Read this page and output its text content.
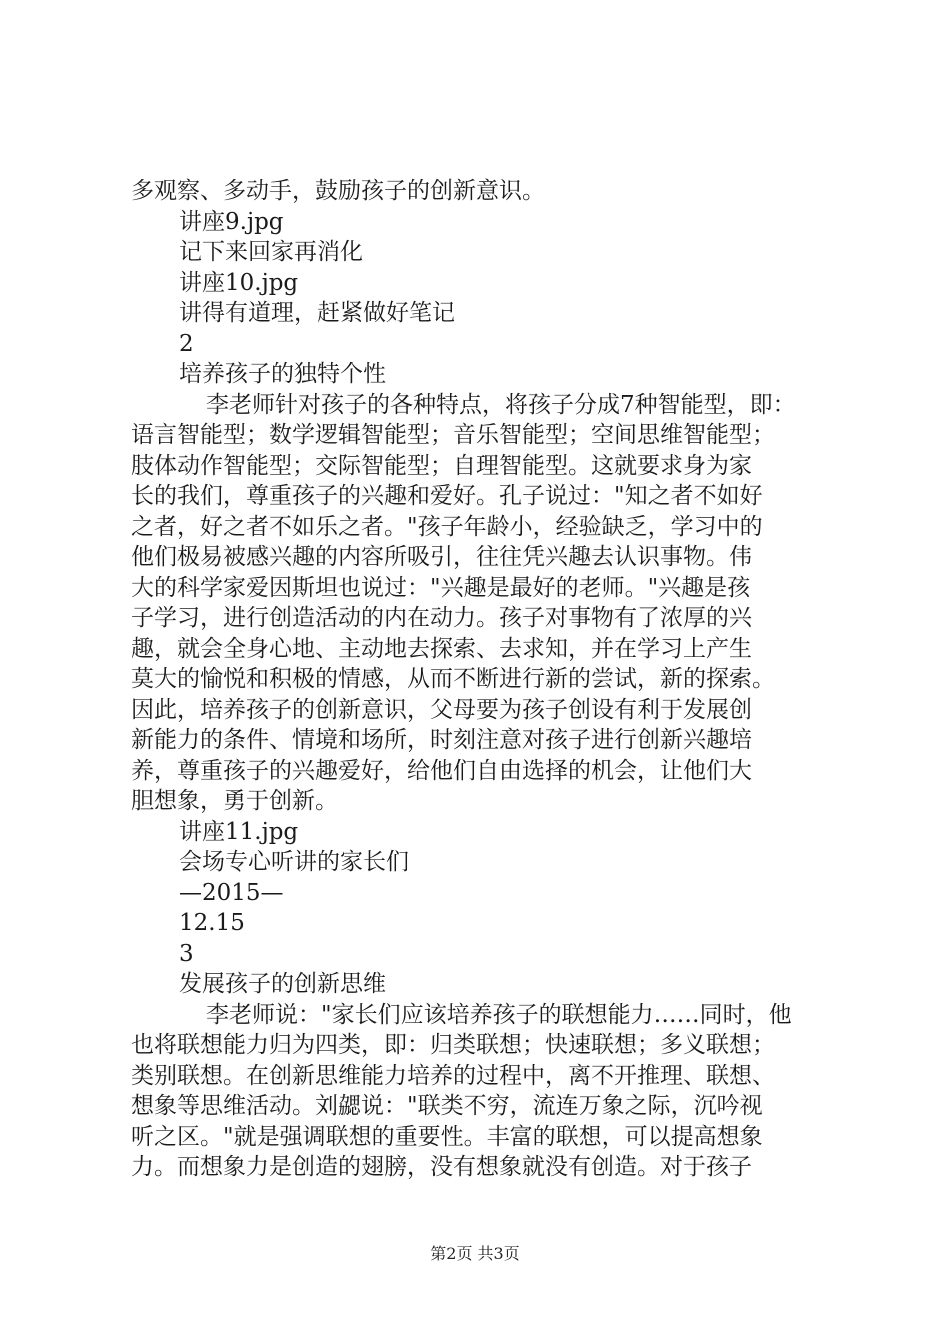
多观察、多动手，鼓励孩子的创新意识。
讲座9.jpg
记下来回家再消化
讲座10.jpg
讲得有道理，赶紧做好笔记
2
培养孩子的独特个性
　李老师针对孩子的各种特点，将孩子分成7种智能型，即：
语言智能型；数学逻辑智能型；音乐智能型；空间思维智能型；
肢体动作智能型；交际智能型；自理智能型。这就要求身为家
长的我们，尊重孩子的兴趣和爱好。孔子说过："知之者不如好
之者，好之者不如乐之者。"孩子年龄小，经验缺乏，学习中的
他们极易被感兴趣的内容所吸引，往往凭兴趣去认识事物。伟
大的科学家爱因斯坦也说过："兴趣是最好的老师。"兴趣是孩
子学习，进行创造活动的内在动力。孩子对事物有了浓厚的兴
趣，就会全身心地、主动地去探索、去求知，并在学习上产生
莫大的愉悦和积极的情感，从而不断进行新的尝试，新的探索。
因此，培养孩子的创新意识，父母要为孩子创设有利于发展创
新能力的条件、情境和场所，时刻注意对孩子进行创新兴趣培
养，尊重孩子的兴趣爱好，给他们自由选择的机会，让他们大
胆想象，勇于创新。
讲座11.jpg
会场专心听讲的家长们
—2015—
12.15
3
发展孩子的创新思维
　李老师说："家长们应该培养孩子的联想能力……同时，他
也将联想能力归为四类，即：归类联想；快速联想；多义联想；
类别联想。在创新思维能力培养的过程中，离不开推理、联想、
想象等思维活动。刘勰说："联类不穷，流连万象之际，沉吟视
听之区。"就是强调联想的重要性。丰富的联想，可以提高想象
力。而想象力是创造的翅膀，没有想象就没有创造。对于孩子
第2页 共3页
